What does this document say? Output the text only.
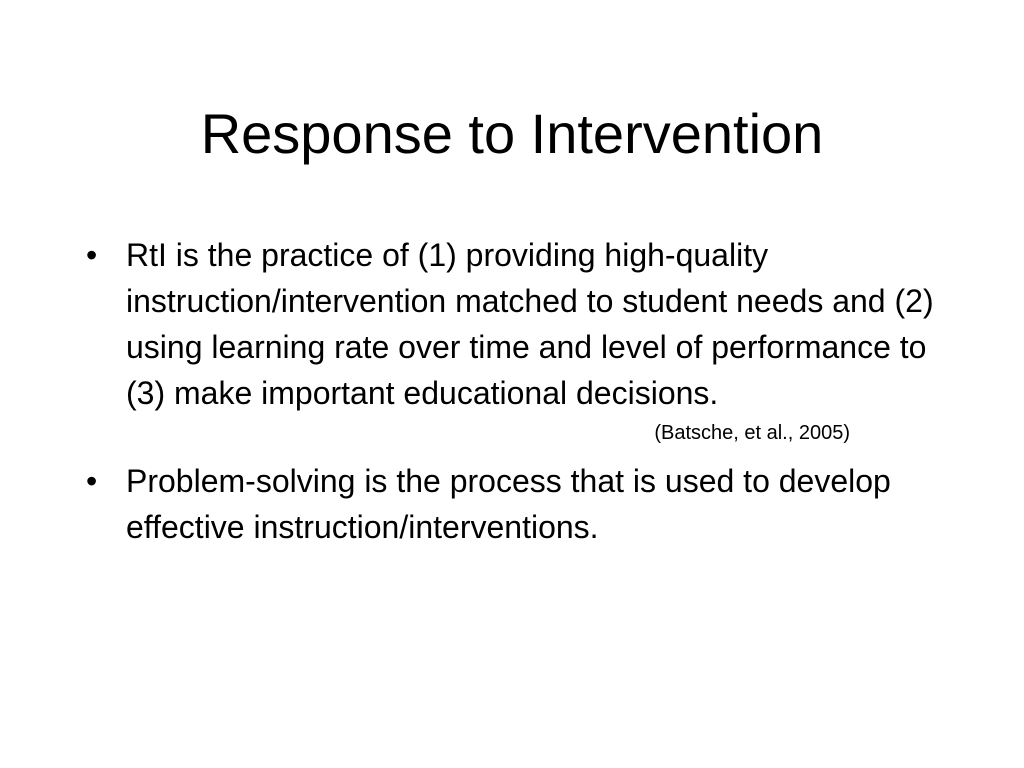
Response to Intervention
• RtI is the practice of (1) providing high-quality instruction/intervention matched to student needs and (2) using learning rate over time and level of performance to (3) make important educational decisions.
(Batsche, et al., 2005)
• Problem-solving is the process that is used to develop effective instruction/interventions.
